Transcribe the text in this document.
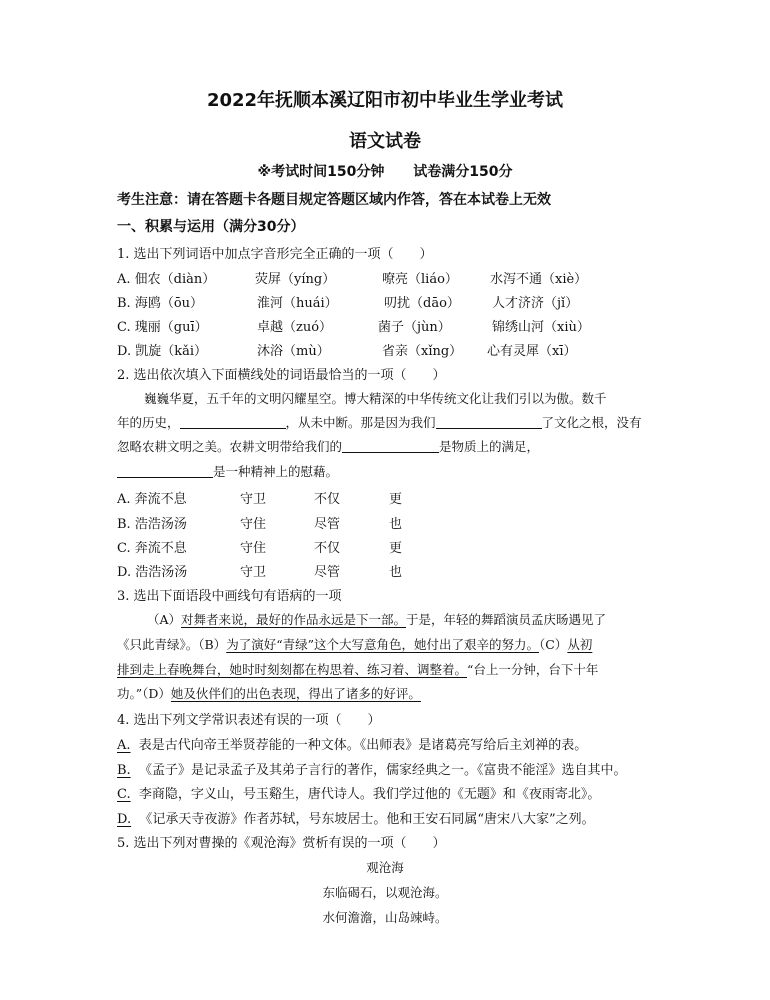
2022年抚顺本溪辽阳市初中毕业生学业考试
语文试卷
※考试时间150分钟 试卷满分150分
考生注意：请在答题卡各题目规定答题区域内作答，答在本试卷上无效
一、积累与运用（满分30分）
1. 选出下列词语中加点字音形完全正确的一项（　　）
A. 佃农（diàn）	荧屏（yíng）	嘹亮（liáo） 水泻不通（xiè）
B. 海鸥（ōu）	淮河（huái）	叨扰（dāo） 人才济济（jǐ）
C. 瑰丽（guī）	卓越（zuó）	菌子（jùn）	锦绣山河（xiù）
D. 凯旋（kǎi）	沐浴（mù）	省亲（xǐng） 心有灵犀（xī）
2. 选出依次填入下面横线处的词语最恰当的一项（　　）
巍巍华夏，五千年的文明闪耀星空。博大精深的中华传统文化让我们引以为傲。数千
年的历史，	，从未中断。那是因为我们	了文化之根，没有
忽略农耕文明之美。农耕文明带给我们的	是物质上的满足，
是一种精神上的慰藉。
A. 奔流不息	守卫	不仅	更
B. 浩浩汤汤	守住	尽管	也
C. 奔流不息	守住	不仅	更
D. 浩浩汤汤	守卫	尽管	也
3. 选出下面语段中画线句有语病的一项
（A）对舞者来说，最好的作品永远是下一部。于是，年轻的舞蹈演员孟庆旸遇见了
《只此青绿》。（B）为了演好“青绿”这个大写意角色，她付出了艰辛的努力。（C）从初
排到走上春晚舞台，她时时刻刻都在构思着、练习着、调整着。“台上一分钟，台下十年
功。”（D）她及伙伴们的出色表现，得出了诸多的好评。
4. 选出下列文学常识表述有误的一项（　　）
A. 表是古代向帝王举贤荐能的一种文体。《出师表》是诸葛亮写给后主刘禅的表。
B. 《孟子》是记录孟子及其弟子言行的著作，儒家经典之一。《富贵不能淫》选自其中。
C. 李商隐，字义山，号玉谿生，唐代诗人。我们学过他的《无题》和《夜雨寄北》。
D. 《记承天寺夜游》作者苏轼，号东坡居士。他和王安石同属“唐宋八大家”之列。
5. 选出下列对曹操的《观沧海》赏析有误的一项（　　）
观沧海
东临碣石，以观沧海。
水何澹澹，山岛竦峙。
